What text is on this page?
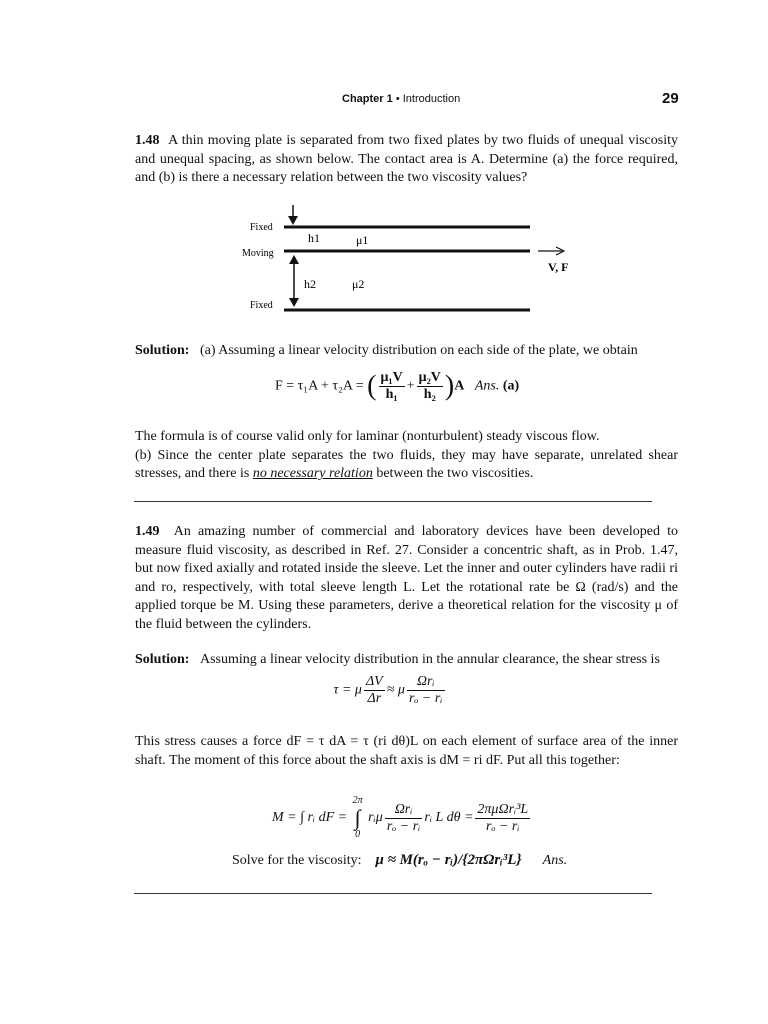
Chapter 1 • Introduction	29
1.48 A thin moving plate is separated from two fixed plates by two fluids of unequal viscosity and unequal spacing, as shown below. The contact area is A. Determine (a) the force required, and (b) is there a necessary relation between the two viscosity values?
Fixed
Moving
Fixed
h1	μ1
h2	μ2
V, F
Solution: (a) Assuming a linear velocity distribution on each side of the plate, we obtain
F = τ₁A + τ₂A = ( $\frac{\text{μ₁V}}{\text{h₁}} + \frac{\text{μ₂V}}{\text{h₂}} )A$ Ans. (a)
The formula is of course valid only for laminar (nonturbulent) steady viscous flow.
(b) Since the center plate separates the two fluids, they may have separate, unrelated shear stresses, and there is no necessary relation between the two viscosities.
1.49 An amazing number of commercial and laboratory devices have been developed to measure fluid viscosity, as described in Ref. 27. Consider a concentric shaft, as in Prob. 1.47, but now fixed axially and rotated inside the sleeve. Let the inner and outer cylinders have radii ri and ro, respectively, with total sleeve length L. Let the rotational rate be Ω (rad/s) and the applied torque be M. Using these parameters, derive a theoretical relation for the viscosity μ of the fluid between the cylinders.
Solution: Assuming a linear velocity distribution in the annular clearance, the shear stress is
τ = μ $\frac{\Delta V}{\Delta r} \approx \mu \frac{\text{Ωrᵢ}}{\text{rₒ − rᵢ}}$
This stress causes a force dF = τ dA = τ (ri dθ)L on each element of surface area of the inner shaft. The moment of this force about the shaft axis is dM = ri dF. Put all this together:
M = ∫ rᵢ dF =
2π
∫
0
rᵢμ $\frac{\text{Ωrᵢ}}{\text{rₒ − rᵢ}}$ rᵢ L $d\theta = \frac{\text{2πμΩrᵢ³L}}{\text{rₒ − rᵢ}}$
Solve for the viscosity: μ ≈ M(rₒ − rᵢ)/{2πΩrᵢ³L} Ans.
